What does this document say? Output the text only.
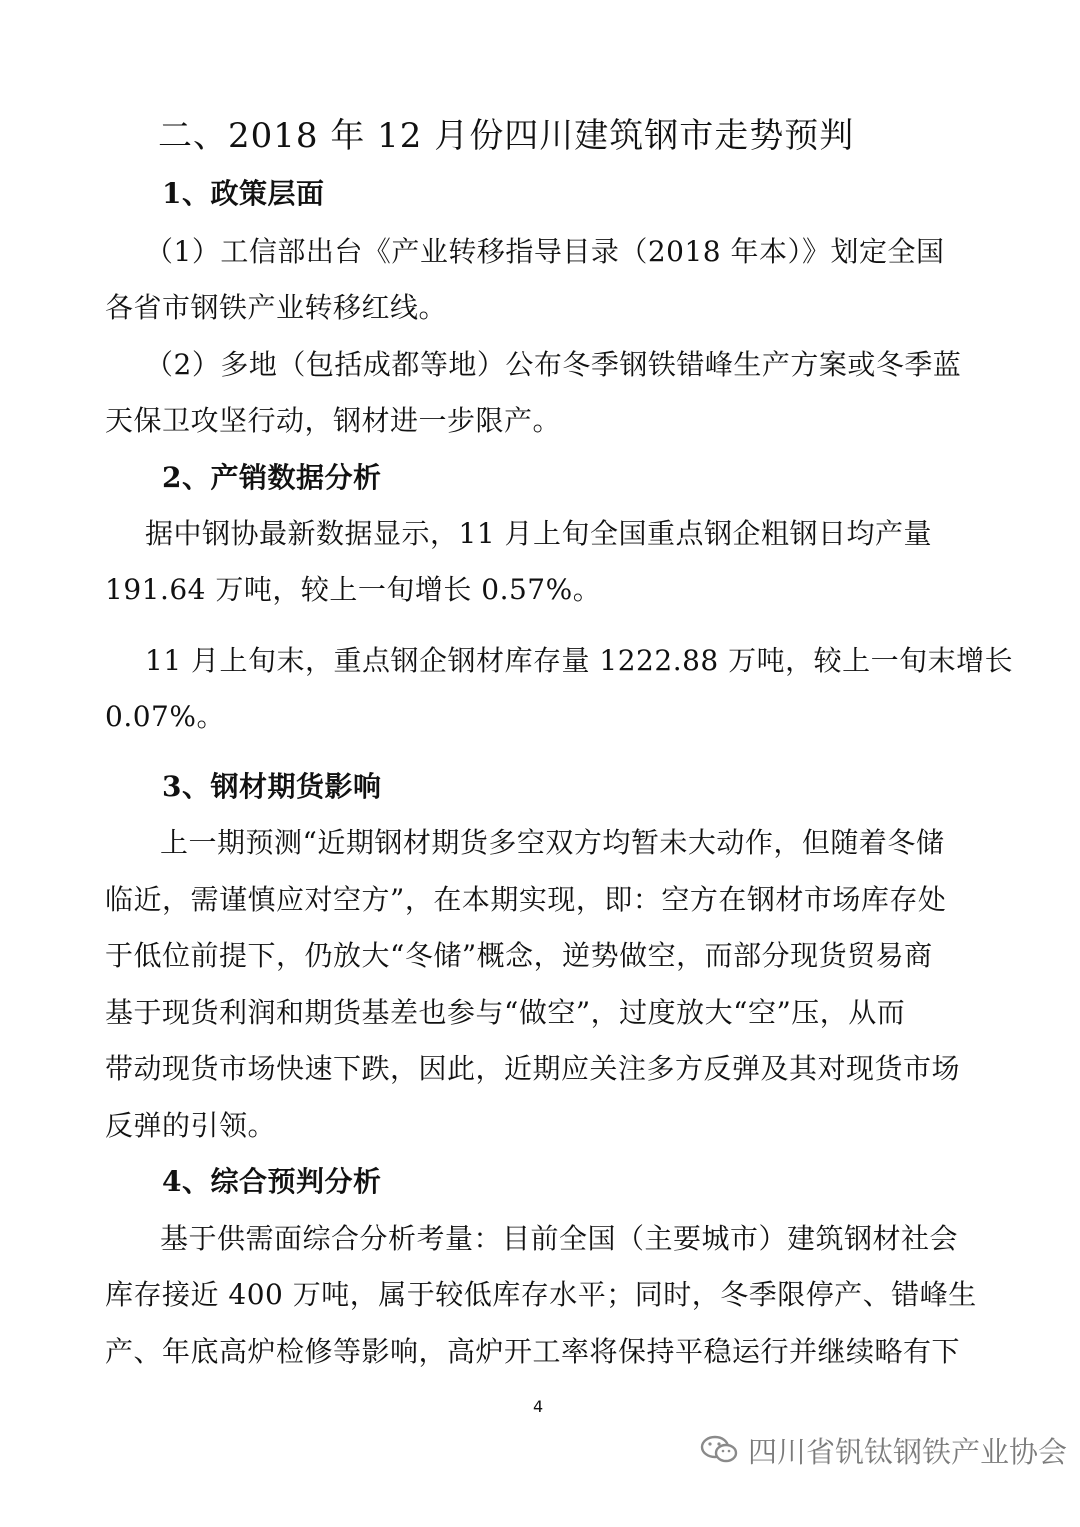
二、2018 年 12 月份四川建筑钢市走势预判
1、政策层面
（1）工信部出台《产业转移指导目录（2018 年本）》划定全国
各省市钢铁产业转移红线。
（2）多地（包括成都等地）公布冬季钢铁错峰生产方案或冬季蓝
天保卫攻坚行动，钢材进一步限产。
2、产销数据分析
据中钢协最新数据显示，11 月上旬全国重点钢企粗钢日均产量
191.64 万吨，较上一旬增长 0.57%。
11 月上旬末，重点钢企钢材库存量 1222.88 万吨，较上一旬末增长
0.07%。
3、钢材期货影响
上一期预测“近期钢材期货多空双方均暂未大动作，但随着冬储
临近，需谨慎应对空方”，在本期实现，即：空方在钢材市场库存处
于低位前提下，仍放大“冬储”概念，逆势做空，而部分现货贸易商
基于现货利润和期货基差也参与“做空”，过度放大“空”压，从而
带动现货市场快速下跌，因此，近期应关注多方反弹及其对现货市场
反弹的引领。
4、综合预判分析
基于供需面综合分析考量：目前全国（主要城市）建筑钢材社会
库存接近 400 万吨，属于较低库存水平；同时，冬季限停产、错峰生
产、年底高炉检修等影响，高炉开工率将保持平稳运行并继续略有下
4
四川省钒钛钢铁产业协会
